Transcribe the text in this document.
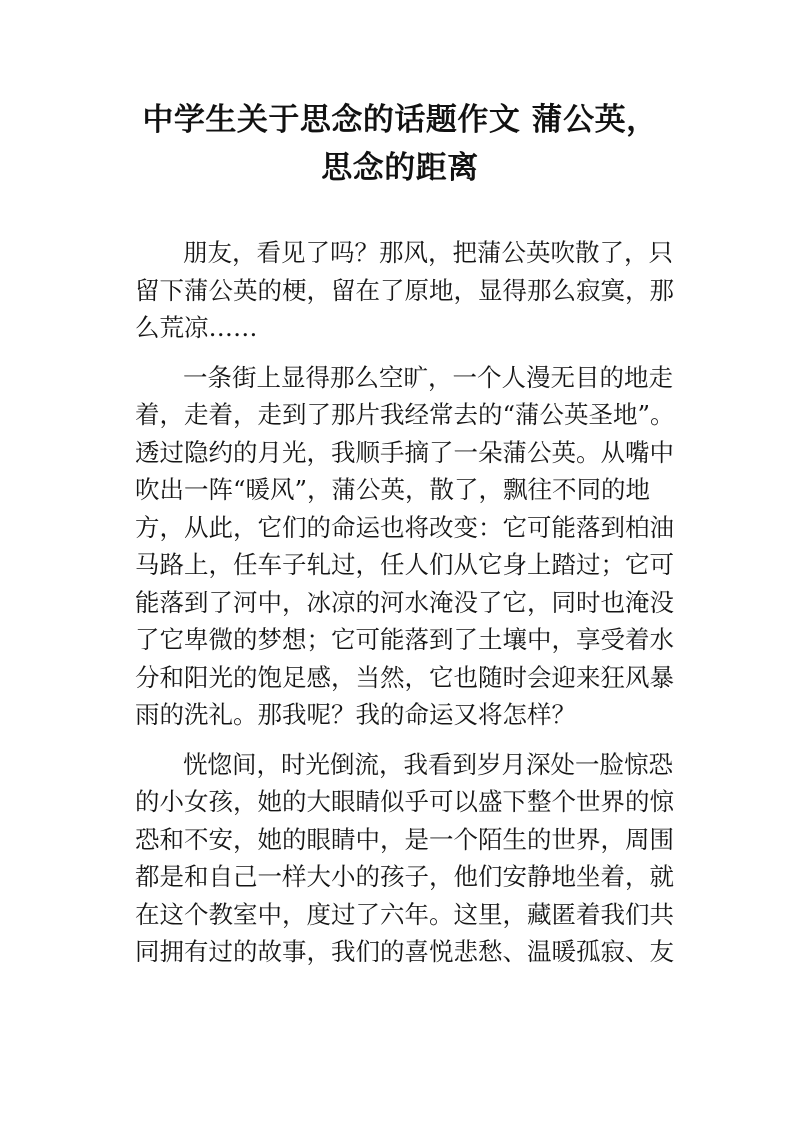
中学生关于思念的话题作文 蒲公英，
思念的距离

朋友，看见了吗？那风，把蒲公英吹散了，只
留下蒲公英的梗，留在了原地，显得那么寂寞，那
么荒凉……

一条街上显得那么空旷，一个人漫无目的地走
着，走着，走到了那片我经常去的“蒲公英圣地”。
透过隐约的月光，我顺手摘了一朵蒲公英。从嘴中
吹出一阵“暖风”，蒲公英，散了，飘往不同的地
方，从此，它们的命运也将改变：它可能落到柏油
马路上，任车子轧过，任人们从它身上踏过；它可
能落到了河中，冰凉的河水淹没了它，同时也淹没
了它卑微的梦想；它可能落到了土壤中，享受着水
分和阳光的饱足感，当然，它也随时会迎来狂风暴
雨的洗礼。那我呢？我的命运又将怎样？

恍惚间，时光倒流，我看到岁月深处一脸惊恐
的小女孩，她的大眼睛似乎可以盛下整个世界的惊
恐和不安，她的眼睛中，是一个陌生的世界，周围
都是和自己一样大小的孩子，他们安静地坐着，就
在这个教室中，度过了六年。这里，藏匿着我们共
同拥有过的故事，我们的喜悦悲愁、温暖孤寂、友
